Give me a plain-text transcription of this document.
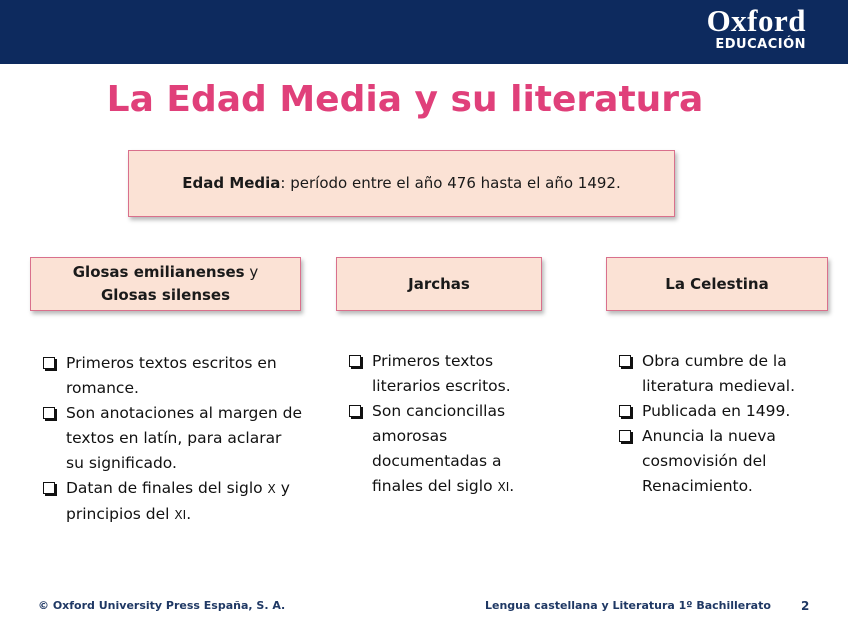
Oxford
EDUCACIÓN
La Edad Media y su literatura
Edad Media: período entre el año 476 hasta el año 1492.
Glosas emilianenses y
Glosas silenses
Jarchas	La Celestina
Primeros textos escritos en romance.
Son anotaciones al margen de textos en latín, para aclarar su significado.
Datan de finales del siglo X y principios del XI.
Primeros textos literarios escritos.
Son cancioncillas amorosas documentadas a finales del siglo XI.
Obra cumbre de la literatura medieval.
Publicada en 1499.
Anuncia la nueva cosmovisión del Renacimiento.
© Oxford University Press España, S. A.	Lengua castellana y Literatura 1º Bachillerato	2
